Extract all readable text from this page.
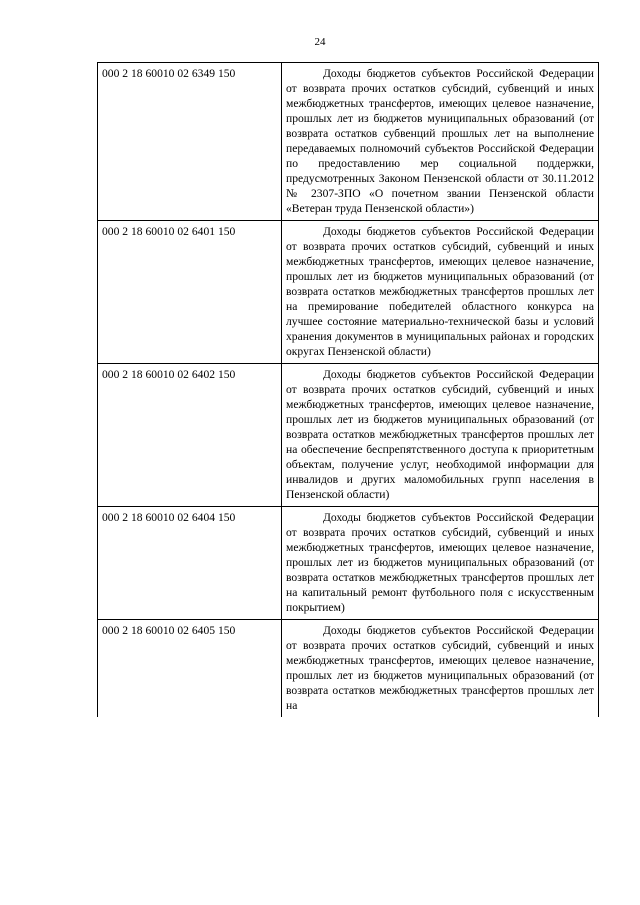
24
000 2 18 60010 02 6349 150	Доходы бюджетов субъектов Российской Федерации от возврата прочих остатков субсидий, субвенций и иных межбюджетных трансфертов, имеющих целевое назначение, прошлых лет из бюджетов муниципальных образований (от возврата остатков субвенций прошлых лет на выполнение передаваемых полномочий субъектов Российской Федерации по предоставлению мер социальной поддержки, предусмотренных Законом Пензенской области от 30.11.2012 № 2307-ЗПО «О почетном звании Пензенской области «Ветеран труда Пензенской области»)
000 2 18 60010 02 6401 150	Доходы бюджетов субъектов Российской Федерации от возврата прочих остатков субсидий, субвенций и иных межбюджетных трансфертов, имеющих целевое назначение, прошлых лет из бюджетов муниципальных образований (от возврата остатков межбюджетных трансфертов прошлых лет на премирование победителей областного конкурса на лучшее состояние материально-технической базы и условий хранения документов в муниципальных районах и городских округах Пензенской области)
000 2 18 60010 02 6402 150	Доходы бюджетов субъектов Российской Федерации от возврата прочих остатков субсидий, субвенций и иных межбюджетных трансфертов, имеющих целевое назначение, прошлых лет из бюджетов муниципальных образований (от возврата остатков межбюджетных трансфертов прошлых лет на обеспечение беспрепятственного доступа к приоритетным объектам, получение услуг, необходимой информации для инвалидов и других маломобильных групп населения в Пензенской области)
000 2 18 60010 02 6404 150	Доходы бюджетов субъектов Российской Федерации от возврата прочих остатков субсидий, субвенций и иных межбюджетных трансфертов, имеющих целевое назначение, прошлых лет из бюджетов муниципальных образований (от возврата остатков межбюджетных трансфертов прошлых лет на капитальный ремонт футбольного поля с искусственным покрытием)
000 2 18 60010 02 6405 150	Доходы бюджетов субъектов Российской Федерации от возврата прочих остатков субсидий, субвенций и иных межбюджетных трансфертов, имеющих целевое назначение, прошлых лет из бюджетов муниципальных образований (от возврата остатков межбюджетных трансфертов прошлых лет на
